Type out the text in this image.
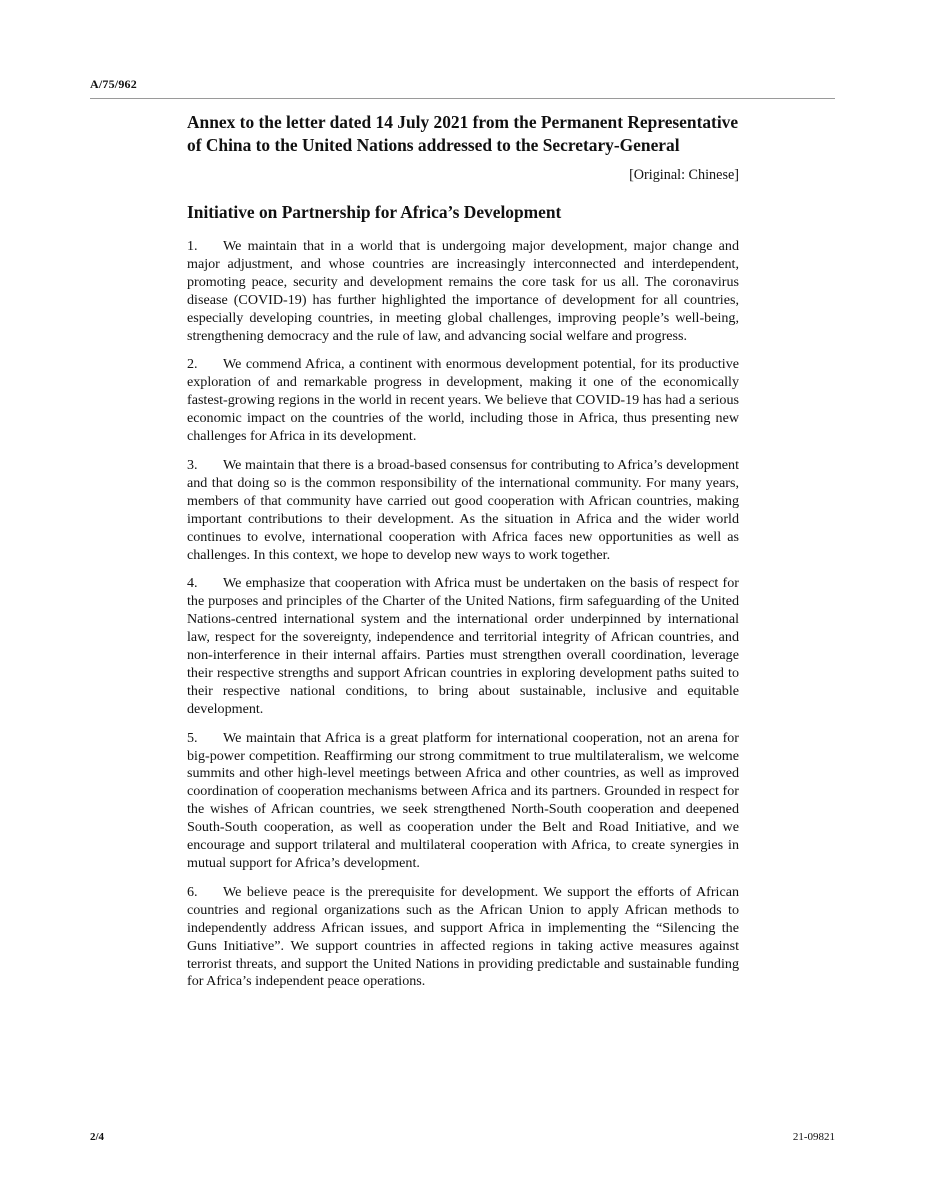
A/75/962
Annex to the letter dated 14 July 2021 from the Permanent Representative of China to the United Nations addressed to the Secretary-General
[Original: Chinese]
Initiative on Partnership for Africa’s Development

1. We maintain that in a world that is undergoing major development, major change and major adjustment, and whose countries are increasingly interconnected and interdependent, promoting peace, security and development remains the core task for us all. The coronavirus disease (COVID-19) has further highlighted the importance of development for all countries, especially developing countries, in meeting global challenges, improving people’s well-being, strengthening democracy and the rule of law, and advancing social welfare and progress.

2. We commend Africa, a continent with enormous development potential, for its productive exploration of and remarkable progress in development, making it one of the economically fastest-growing regions in the world in recent years. We believe that COVID-19 has had a serious economic impact on the countries of the world, including those in Africa, thus presenting new challenges for Africa in its development.

3. We maintain that there is a broad-based consensus for contributing to Africa’s development and that doing so is the common responsibility of the international community. For many years, members of that community have carried out good cooperation with African countries, making important contributions to their development. As the situation in Africa and the wider world continues to evolve, international cooperation with Africa faces new opportunities as well as challenges. In this context, we hope to develop new ways to work together.

4. We emphasize that cooperation with Africa must be undertaken on the basis of respect for the purposes and principles of the Charter of the United Nations, firm safeguarding of the United Nations-centred international system and the international order underpinned by international law, respect for the sovereignty, independence and territorial integrity of African countries, and non-interference in their internal affairs. Parties must strengthen overall coordination, leverage their respective strengths and support African countries in exploring development paths suited to their respective national conditions, to bring about sustainable, inclusive and equitable development.

5. We maintain that Africa is a great platform for international cooperation, not an arena for big-power competition. Reaffirming our strong commitment to true multilateralism, we welcome summits and other high-level meetings between Africa and other countries, as well as improved coordination of cooperation mechanisms between Africa and its partners. Grounded in respect for the wishes of African countries, we seek strengthened North-South cooperation and deepened South-South cooperation, as well as cooperation under the Belt and Road Initiative, and we encourage and support trilateral and multilateral cooperation with Africa, to create synergies in mutual support for Africa’s development.

6. We believe peace is the prerequisite for development. We support the efforts of African countries and regional organizations such as the African Union to apply African methods to independently address African issues, and support Africa in implementing the “Silencing the Guns Initiative”. We support countries in affected regions in taking active measures against terrorist threats, and support the United Nations in providing predictable and sustainable funding for Africa’s independent peace operations.

2/4	21-09821
